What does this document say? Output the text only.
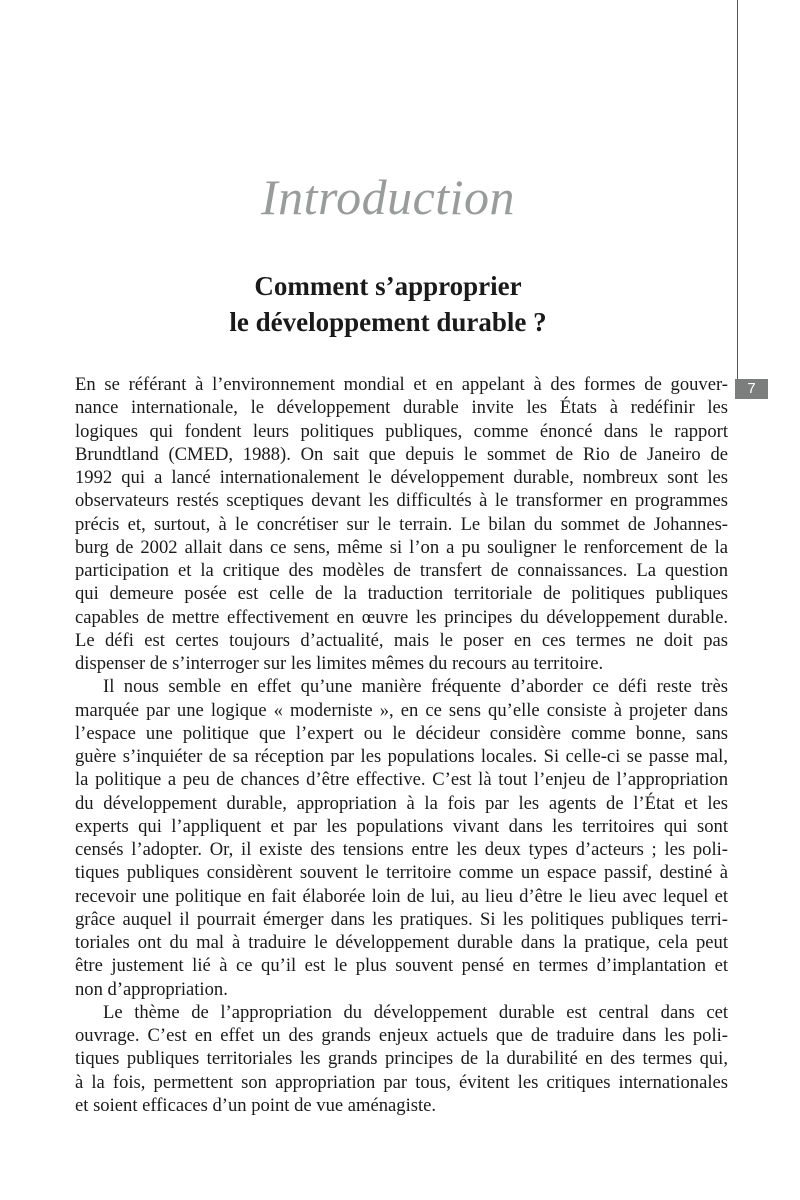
7
Introduction
Comment s’approprier
le développement durable ?
En se référant à l’environnement mondial et en appelant à des formes de gouver-
nance internationale, le développement durable invite les États à redéfinir les
logiques qui fondent leurs politiques publiques, comme énoncé dans le rapport
Brundtland (CMED, 1988). On sait que depuis le sommet de Rio de Janeiro de
1992 qui a lancé internationalement le développement durable, nombreux sont les
observateurs restés sceptiques devant les difficultés à le transformer en programmes
précis et, surtout, à le concrétiser sur le terrain. Le bilan du sommet de Johannes-
burg de 2002 allait dans ce sens, même si l’on a pu souligner le renforcement de la
participation et la critique des modèles de transfert de connaissances. La question
qui demeure posée est celle de la traduction territoriale de politiques publiques
capables de mettre effectivement en œuvre les principes du développement durable.
Le défi est certes toujours d’actualité, mais le poser en ces termes ne doit pas
dispenser de s’interroger sur les limites mêmes du recours au territoire.
Il nous semble en effet qu’une manière fréquente d’aborder ce défi reste très
marquée par une logique « moderniste », en ce sens qu’elle consiste à projeter dans
l’espace une politique que l’expert ou le décideur considère comme bonne, sans
guère s’inquiéter de sa réception par les populations locales. Si celle-ci se passe mal,
la politique a peu de chances d’être effective. C’est là tout l’enjeu de l’appropriation
du développement durable, appropriation à la fois par les agents de l’État et les
experts qui l’appliquent et par les populations vivant dans les territoires qui sont
censés l’adopter. Or, il existe des tensions entre les deux types d’acteurs ; les poli-
tiques publiques considèrent souvent le territoire comme un espace passif, destiné à
recevoir une politique en fait élaborée loin de lui, au lieu d’être le lieu avec lequel et
grâce auquel il pourrait émerger dans les pratiques. Si les politiques publiques terri-
toriales ont du mal à traduire le développement durable dans la pratique, cela peut
être justement lié à ce qu’il est le plus souvent pensé en termes d’implantation et
non d’appropriation.
Le thème de l’appropriation du développement durable est central dans cet
ouvrage. C’est en effet un des grands enjeux actuels que de traduire dans les poli-
tiques publiques territoriales les grands principes de la durabilité en des termes qui,
à la fois, permettent son appropriation par tous, évitent les critiques internationales
et soient efficaces d’un point de vue aménagiste.
